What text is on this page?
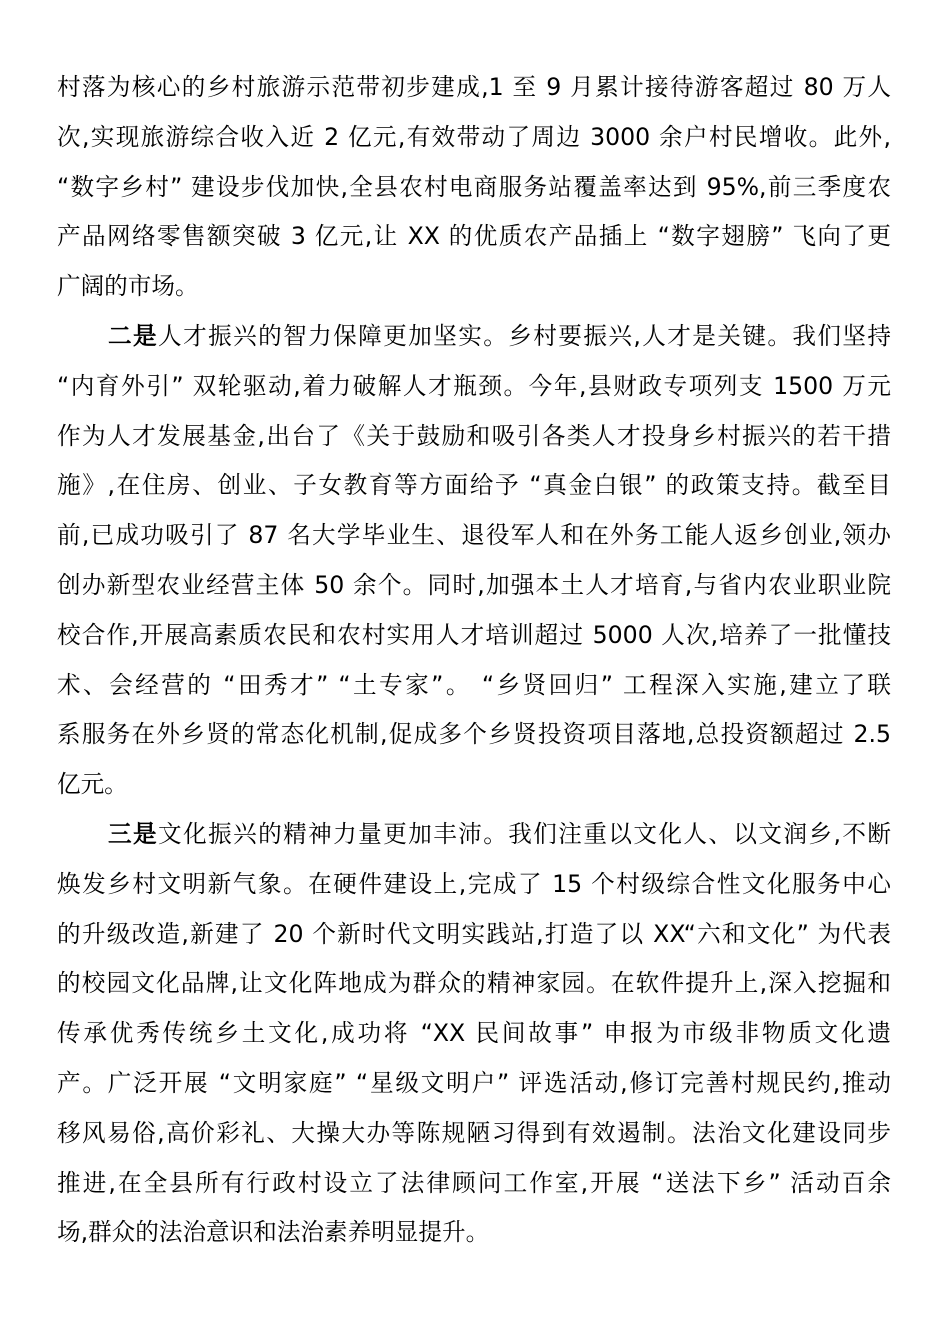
村落为核心的乡村旅游示范带初步建成,1 至 9 月累计接待游客超过 80 万人
次,实现旅游综合收入近 2 亿元,有效带动了周边 3000 余户村民增收。此外,
“数字乡村” 建设步伐加快,全县农村电商服务站覆盖率达到 95%,前三季度农
产品网络零售额突破 3 亿元,让 XX 的优质农产品插上 “数字翅膀” 飞向了更
广阔的市场。
二是人才振兴的智力保障更加坚实。乡村要振兴,人才是关键。我们坚持
“内育外引” 双轮驱动,着力破解人才瓶颈。今年,县财政专项列支 1500 万元
作为人才发展基金,出台了《关于鼓励和吸引各类人才投身乡村振兴的若干措
施》,在住房、创业、子女教育等方面给予 “真金白银” 的政策支持。截至目
前,已成功吸引了 87 名大学毕业生、退役军人和在外务工能人返乡创业,领办
创办新型农业经营主体 50 余个。同时,加强本土人才培育,与省内农业职业院
校合作,开展高素质农民和农村实用人才培训超过 5000 人次,培养了一批懂技
术、会经营的 “田秀才” “土专家”。 “乡贤回归” 工程深入实施,建立了联
系服务在外乡贤的常态化机制,促成多个乡贤投资项目落地,总投资额超过 2.5
亿元。
三是文化振兴的精神力量更加丰沛。我们注重以文化人、以文润乡,不断
焕发乡村文明新气象。在硬件建设上,完成了 15 个村级综合性文化服务中心
的升级改造,新建了 20 个新时代文明实践站,打造了以 XX“六和文化” 为代表
的校园文化品牌,让文化阵地成为群众的精神家园。在软件提升上,深入挖掘和
传承优秀传统乡土文化,成功将 “XX 民间故事” 申报为市级非物质文化遗
产。广泛开展 “文明家庭” “星级文明户” 评选活动,修订完善村规民约,推动
移风易俗,高价彩礼、大操大办等陈规陋习得到有效遏制。法治文化建设同步
推进,在全县所有行政村设立了法律顾问工作室,开展 “送法下乡” 活动百余
场,群众的法治意识和法治素养明显提升。
